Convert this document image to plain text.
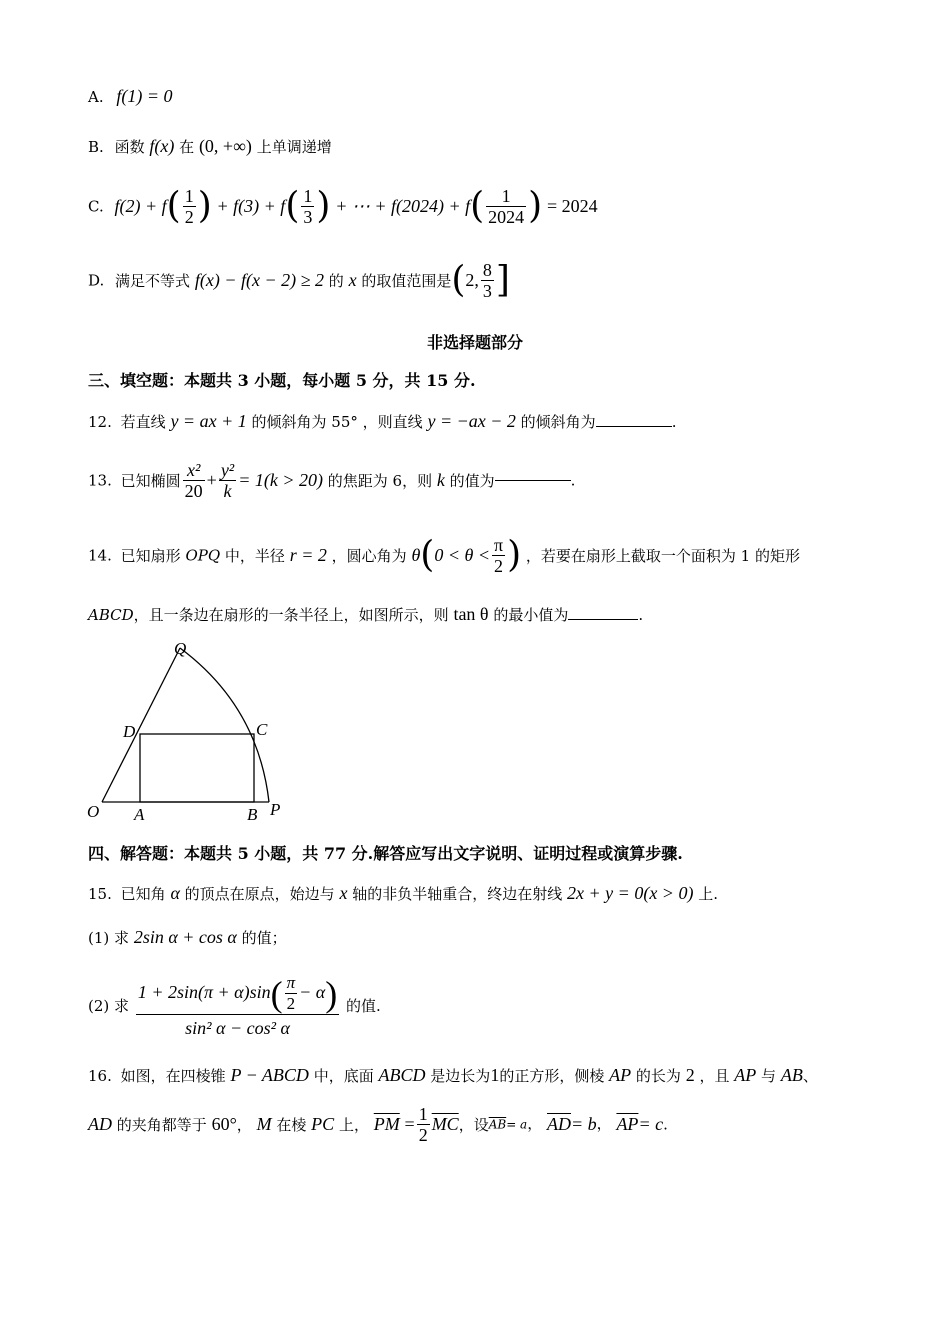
A. f(1) = 0
B. 函数 f(x) 在 (0, +∞) 上单调递增
C. $f(2) + f( \frac{1}{2}$ ) + $f(3) + f( \frac{1}{3}$ ) + ⋯ + $f(2024) + f( \frac{1}{2024}$ ) = 2024
D. 满足不等式 f(x) − f(x − 2) ≥ 2 的 x 的取值范围是(2, $\frac{8}{3}$ ]
非选择题部分
三、填空题：本题共 3 小题，每小题 5 分，共 15 分.
12. 若直线 y = ax + 1 的倾斜角为 55° ，则直线 y = −ax − 2 的倾斜角为	.
13. 已知椭圆 $\frac{\text{x²}}{20} + \frac{\text{y²}}{k} = 1(k > 20)$ 的焦距为 6，则 k 的值为	.
14. 已知扇形 OPQ 中，半径 r = 2 ，圆心角为 $\theta(0 < \theta < \frac{\pi}{2}$ ) ，若要在扇形上截取一个面积为 1 的矩形
ABCD，且一条边在扇形的一条半径上，如图所示，则 tan θ 的最小值为	.
Q
D	C
O A	B P
四、解答题：本题共 5 小题，共 77 分.解答应写出文字说明、证明过程或演算步骤.
15. 已知角 α 的顶点在原点，始边与 x 轴的非负半轴重合，终边在射线 2x + y = 0(x > 0) 上.
(1) 求 2sin α + cos α 的值；
(2) 求 $\frac{1 + 2\sin(\pi + \alpha)\sin( \frac{\pi}{2} - \alpha)}{\text{sin² α − cos² α}}$ 的值.
16. 如图，在四棱锥 P − ABCD 中，底面 ABCD 是边长为1的正方形，侧棱 AP 的长为 2 ，且 AP 与 AB、
AD 的夹角都等于 60°， M 在棱 PC 上， $\overline{PM} = \frac{1}{2} \overline{MC}$，设$\overline{AB}= a$， $\overline{AD}= b$， $\overline{AP}= c$.
